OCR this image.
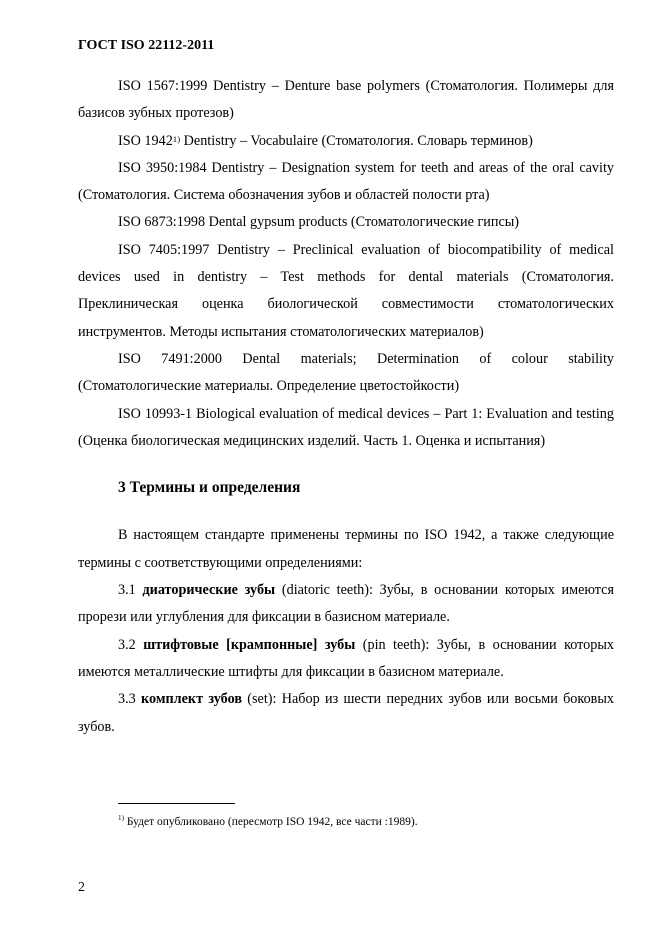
ГОСТ ISO 22112-2011

ISO 1567:1999 Dentistry – Denture base polymers (Стоматология. Полимеры для базисов зубных протезов)

ISO 1942$^{1)}$ Dentistry – Vocabulaire (Стоматология. Словарь терминов)

ISO 3950:1984 Dentistry – Designation system for teeth and areas of the oral cavity (Стоматология. Система обозначения зубов и областей полости рта)

ISO 6873:1998 Dental gypsum products (Стоматологические гипсы)

ISO 7405:1997 Dentistry – Preclinical evaluation of biocompatibility of medical devices used in dentistry – Test methods for dental materials (Стоматология. Преклиническая оценка биологической совместимости стоматологических инструментов. Методы испытания стоматологических материалов)

ISO 7491:2000 Dental materials; Determination of colour stability (Стоматологические материалы. Определение цветостойкости)

ISO 10993-1 Biological evaluation of medical devices – Part 1: Evaluation and testing (Оценка биологическая медицинских изделий. Часть 1. Оценка и испытания)

3 Термины и определения

В настоящем стандарте применены термины по ISO 1942, а также следующие термины с соответствующими определениями:

3.1 диаторические зубы (diatoric teeth): Зубы, в основании которых имеются прорези или углубления для фиксации в базисном материале.

3.2 штифтовые [крампонные] зубы (pin teeth): Зубы, в основании которых имеются металлические штифты для фиксации в базисном материале.

3.3 комплект зубов (set): Набор из шести передних зубов или восьми боковых зубов.

$^{1)}$ Будет опубликовано (пересмотр ISO 1942, все части :1989).
2
